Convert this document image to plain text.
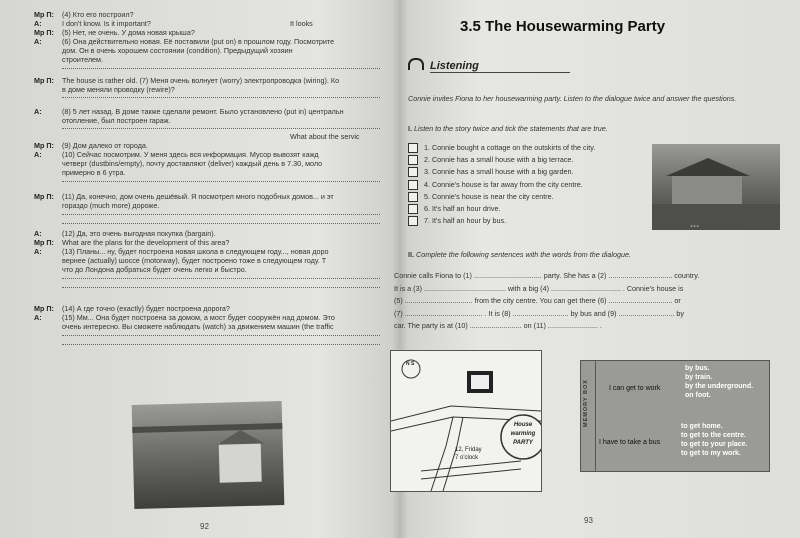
Мр П: (4) Кто его построил?
A:	I don't know. Is it important?	It looks
Мр П: (5) Нет, не очень. У дома новая крыша?
A:	(6) Она действительно новая. Её поставили (put on) в прошлом году. Посмотрите
дом. Он в очень хорошем состоянии (condition). Предыдущий хозяин
строителем.
Мр П: The house is rather old. (7) Меня очень волнует (worry) электропроводка (wiring). Ко
в доме меняли проводку (rewire)?
A:	(8) 5 лет назад. В доме также сделали ремонт. Было установлено (put in) центральн
отопление, был построен гараж.
What about the servic
Мр П: (9) Дом далеко от города.
A:	(10) Сейчас посмотрим. У меня здесь вся информация. Мусор вывозят кажд
четверг (dustbins/empty), почту доставляют (deliver) каждый день в 7.30, моло
примерно в 6 утра.
Мр П: (11) Да, конечно, дом очень дешёвый. Я посмотрел много подобных домов... и эт
гораздо (much more) дороже.
A:	(12) Да, это очень выгодная покупка (bargain).
Мр П: What are the plans for the development of this area?
A:	(13) Планы... ну, будет построена новая школа в следующем году..., новая доро
вернее (actually) шоссе (motorway), будет построено тоже в следующем году. Т
что до Лондона добраться будет очень легко и быстро.
Мр П: (14) А где точно (exactly) будет построена дорога?
A:	(15) Мм... Она будет построена за домом, а мост будет сооружён над домом. Это
очень интересно. Вы сможете наблюдать (watch) за движением машин (the traffic
92
3.5 The Housewarming Party
Listening
Connie invites Fiona to her housewarming party. Listen to the dialogue twice and answer the questions.
I. Listen to the story twice and tick the statements that are true.
1. Connie bought a cottage on the outskirts of the city.
2. Connie has a small house with a big terrace.
3. Connie has a small house with a big garden.
4. Connie's house is far away from the city centre.
5. Connie's house is near the city centre.
6. It's half an hour drive.
7. It's half an hour by bus.
II. Complete the following sentences with the words from the dialogue.
Connie calls Fiona to (1) .................................. party. She has a (2) ................................ country.
It is a (3) ......................................... with a big (4) ................................... . Connie's house is
(5) .................................. from the city centre. You can get there (6) ................................ or
(7) ....................................... . It is (8) ............................ by bus and (9) ............................ by
car. The party is at (10) .......................... on (11) ......................... .
93
N S
12, Friday
7 o'clock
House
warming
PARTY
MEMORY BOX	I can get to work
by bus.
by train.
by the underground.
on foot.
I have to take a bus
to get home.
to get to the centre.
to get to your place.
to get to my work.
...
